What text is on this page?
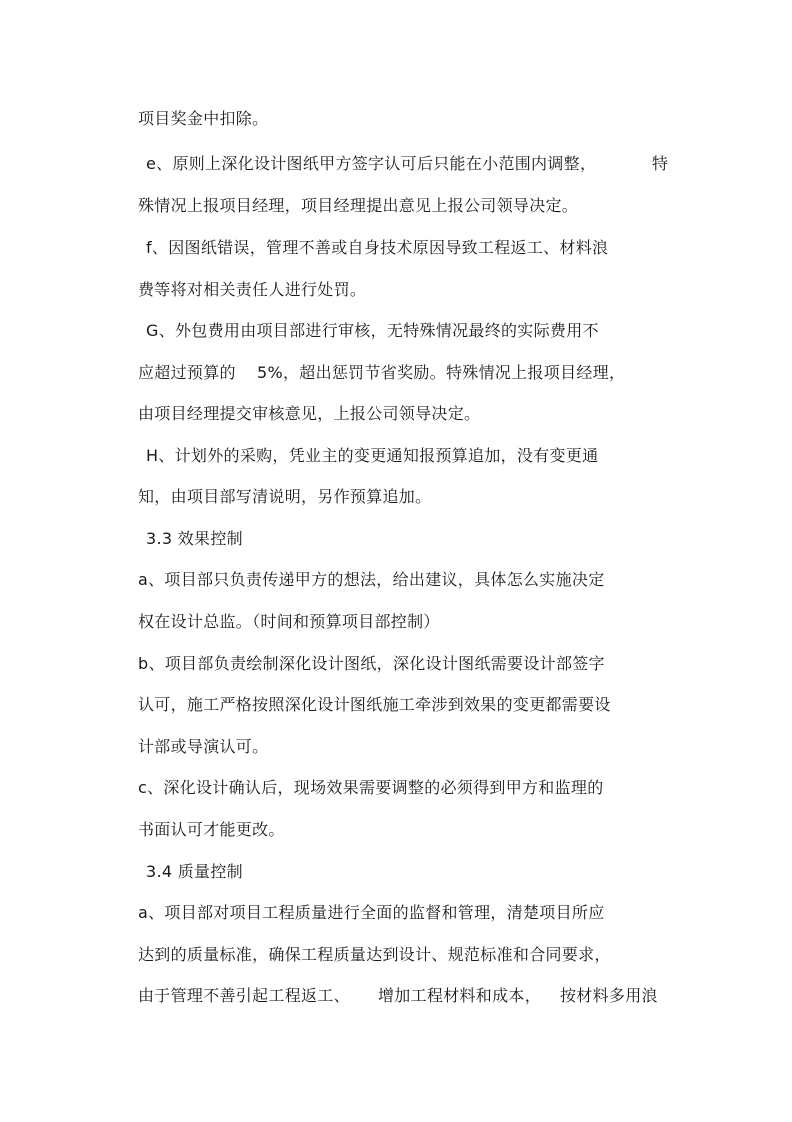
项目奖金中扣除。
e、原则上深化设计图纸甲方签字认可后只能在小范围内调整，	特
殊情况上报项目经理，项目经理提出意见上报公司领导决定。
f、因图纸错误，管理不善或自身技术原因导致工程返工、材料浪
费等将对相关责任人进行处罚。
G、外包费用由项目部进行审核，无特殊情况最终的实际费用不
应超过预算的 5%，超出惩罚节省奖励。特殊情况上报项目经理，
由项目经理提交审核意见，上报公司领导决定。
H、计划外的采购，凭业主的变更通知报预算追加，没有变更通
知，由项目部写清说明，另作预算追加。
3.3 效果控制
a、项目部只负责传递甲方的想法，给出建议，具体怎么实施决定
权在设计总监。（时间和预算项目部控制）
b、项目部负责绘制深化设计图纸，深化设计图纸需要设计部签字
认可，施工严格按照深化设计图纸施工牵涉到效果的变更都需要设
计部或导演认可。
c、深化设计确认后，现场效果需要调整的必须得到甲方和监理的
书面认可才能更改。
3.4 质量控制
a、项目部对项目工程质量进行全面的监督和管理，清楚项目所应
达到的质量标准，确保工程质量达到设计、规范标准和合同要求，
由于管理不善引起工程返工、 增加工程材料和成本， 按材料多用浪
